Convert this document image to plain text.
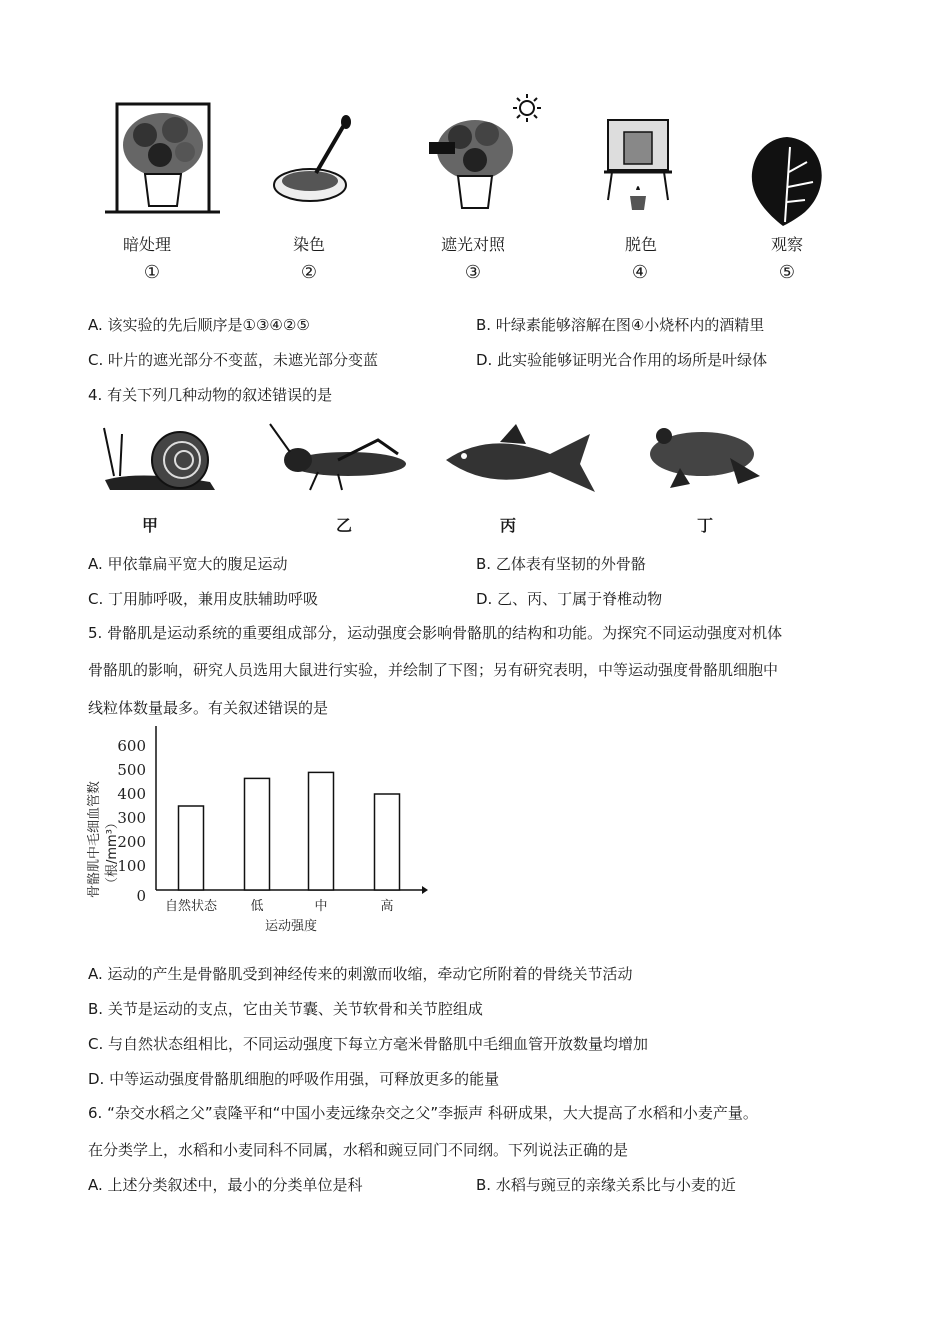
暗处理	染色	遮光对照	脱色	观察
①	②	③	④	⑤
A. 该实验的先后顺序是①③④②⑤	B. 叶绿素能够溶解在图④小烧杯内的酒精里
C. 叶片的遮光部分不变蓝，未遮光部分变蓝	D. 此实验能够证明光合作用的场所是叶绿体
4. 有关下列几种动物的叙述错误的是
甲	乙	丙	丁
A. 甲依靠扁平宽大的腹足运动	B. 乙体表有坚韧的外骨骼
C. 丁用肺呼吸，兼用皮肤辅助呼吸	D. 乙、丙、丁属于脊椎动物
5. 骨骼肌是运动系统的重要组成部分，运动强度会影响骨骼肌的结构和功能。为探究不同运动强度对机体
骨骼肌的影响，研究人员选用大鼠进行实验，并绘制了下图；另有研究表明，中等运动强度骨骼肌细胞中
线粒体数量最多。有关叙述错误的是
骨骼肌中毛细血管数 （根/mm³）
0
100
200
300
400
500
600
自然状态	低	中	高
运动强度
A. 运动的产生是骨骼肌受到神经传来的刺激而收缩，牵动它所附着的骨绕关节活动
B. 关节是运动的支点，它由关节囊、关节软骨和关节腔组成
C. 与自然状态组相比，不同运动强度下每立方毫米骨骼肌中毛细血管开放数量均增加
D. 中等运动强度骨骼肌细胞的呼吸作用强，可释放更多的能量
6. “杂交水稻之父”袁隆平和“中国小麦远缘杂交之父”李振声 科研成果，大大提高了水稻和小麦产量。
在分类学上，水稻和小麦同科不同属，水稻和豌豆同门不同纲。下列说法正确的是
A. 上述分类叙述中，最小的分类单位是科	B. 水稻与豌豆的亲缘关系比与小麦的近
